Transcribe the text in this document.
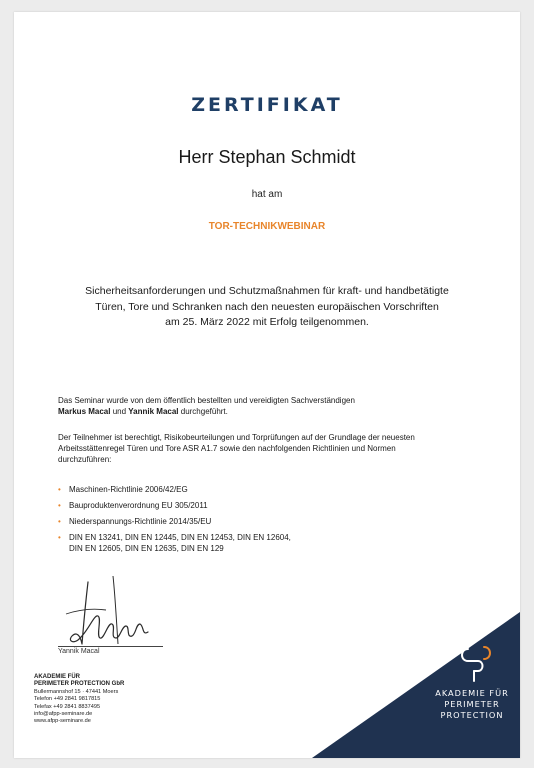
ZERTIFIKAT
Herr Stephan Schmidt
hat am
TOR-TECHNIKWEBINAR
Sicherheitsanforderungen und Schutzmaßnahmen für kraft- und handbetätigte
Türen, Tore und Schranken nach den neuesten europäischen Vorschriften
am 25. März 2022 mit Erfolg teilgenommen.
Das Seminar wurde von dem öffentlich bestellten und vereidigten Sachverständigen
Markus Macal und Yannik Macal durchgeführt.
Der Teilnehmer ist berechtigt, Risikobeurteilungen und Torprüfungen auf der Grundlage der neuesten
Arbeitsstättenregel Türen und Tore ASR A1.7 sowie den nachfolgenden Richtlinien und Normen
durchzuführen:
• Maschinen-Richtlinie 2006/42/EG
• Bauproduktenverordnung EU 305/2011
• Niederspannungs-Richtlinie 2014/35/EU
• DIN EN 13241, DIN EN 12445, DIN EN 12453, DIN EN 12604,
DIN EN 12605, DIN EN 12635, DIN EN 129
Yannik Macal
AKADEMIE FÜR
PERIMETER PROTECTION GbR
Bullermannshof 15 · 47441 Moers
Telefon +49 2841 9817815
Telefax +49 2841 8837495
info@afpp-seminare.de
www.afpp-seminare.de
AKADEMIE FÜR
PERIMETER
PROTECTION
